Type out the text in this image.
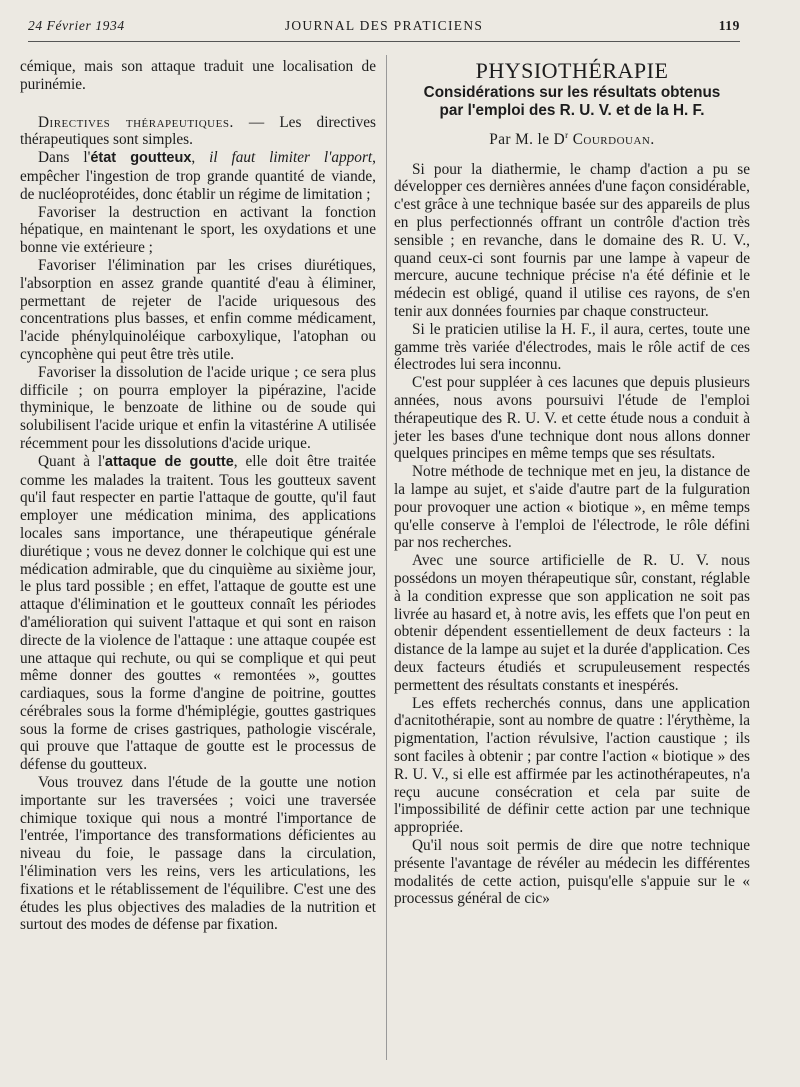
24 Février 1934	JOURNAL DES PRATICIENS	119

cémique, mais son attaque traduit une localisation de purinémie.

Directives thérapeutiques. — Les directives thérapeutiques sont simples.

Dans l'état goutteux, il faut limiter l'apport, empêcher l'ingestion de trop grande quantité de viande, de nucléoprotéides, donc établir un régime de limitation ;

Favoriser la destruction en activant la fonction hépatique, en maintenant le sport, les oxydations et une bonne vie extérieure ;

Favoriser l'élimination par les crises diurétiques, l'absorption en assez grande quantité d'eau à éliminer, permettant de rejeter de l'acide uriquesous des concentrations plus basses, et enfin comme médicament, l'acide phénylquinoléique carboxylique, l'atophan ou cyncophène qui peut être très utile.

Favoriser la dissolution de l'acide urique ; ce sera plus difficile ; on pourra employer la pipérazine, l'acide thyminique, le benzoate de lithine ou de soude qui solubilisent l'acide urique et enfin la vitastérine A utilisée récemment pour les dissolutions d'acide urique.

Quant à l'attaque de goutte, elle doit être traitée comme les malades la traitent. Tous les goutteux savent qu'il faut respecter en partie l'attaque de goutte, qu'il faut employer une médication minima, des applications locales sans importance, une thérapeutique générale diurétique ; vous ne devez donner le colchique qui est une médication admirable, que du cinquième au sixième jour, le plus tard possible ; en effet, l'attaque de goutte est une attaque d'élimination et le goutteux connaît les périodes d'amélioration qui suivent l'attaque et qui sont en raison directe de la violence de l'attaque : une attaque coupée est une attaque qui rechute, ou qui se complique et qui peut même donner des gouttes « remontées », gouttes cardiaques, sous la forme d'angine de poitrine, gouttes cérébrales sous la forme d'hémiplégie, gouttes gastriques sous la forme de crises gastriques, pathologie viscérale, qui prouve que l'attaque de goutte est le processus de défense du goutteux.

Vous trouvez dans l'étude de la goutte une notion importante sur les traversées ; voici une traversée chimique toxique qui nous a montré l'importance de l'entrée, l'importance des transformations déficientes au niveau du foie, le passage dans la circulation, l'élimination vers les reins, vers les articulations, les fixations et le rétablissement de l'équilibre. C'est une des études les plus objectives des maladies de la nutrition et surtout des modes de défense par fixation.

PHYSIOTHÉRAPIE

Considérations sur les résultats obtenus

par l'emploi des R. U. V. et de la H. F.

Par M. le $D^r$ Courdouan.

Si pour la diathermie, le champ d'action a pu se développer ces dernières années d'une façon considérable, c'est grâce à une technique basée sur des appareils de plus en plus perfectionnés offrant un contrôle d'action très sensible ; en revanche, dans le domaine des R. U. V., quand ceux-ci sont fournis par une lampe à vapeur de mercure, aucune technique précise n'a été définie et le médecin est obligé, quand il utilise ces rayons, de s'en tenir aux données fournies par chaque constructeur.

Si le praticien utilise la H. F., il aura, certes, toute une gamme très variée d'électrodes, mais le rôle actif de ces électrodes lui sera inconnu.

C'est pour suppléer à ces lacunes que depuis plusieurs années, nous avons poursuivi l'étude de l'emploi thérapeutique des R. U. V. et cette étude nous a conduit à jeter les bases d'une technique dont nous allons donner quelques principes en même temps que ses résultats.

Notre méthode de technique met en jeu, la distance de la lampe au sujet, et s'aide d'autre part de la fulguration pour provoquer une action « biotique », en même temps qu'elle conserve à l'emploi de l'électrode, le rôle défini par nos recherches.

Avec une source artificielle de R. U. V. nous possédons un moyen thérapeutique sûr, constant, réglable à la condition expresse que son application ne soit pas livrée au hasard et, à notre avis, les effets que l'on peut en obtenir dépendent essentiellement de deux facteurs : la distance de la lampe au sujet et la durée d'application. Ces deux facteurs étudiés et scrupuleusement respectés permettent des résultats constants et inespérés.

Les effets recherchés connus, dans une application d'acnitothérapie, sont au nombre de quatre : l'érythème, la pigmentation, l'action révulsive, l'action caustique ; ils sont faciles à obtenir ; par contre l'action « biotique » des R. U. V., si elle est affirmée par les actinothérapeutes, n'a reçu aucune consécration et cela par suite de l'impossibilité de définir cette action par une technique appropriée.

Qu'il nous soit permis de dire que notre technique présente l'avantage de révéler au médecin les différentes modalités de cette action, puisqu'elle s'appuie sur le « processus général de cic»
